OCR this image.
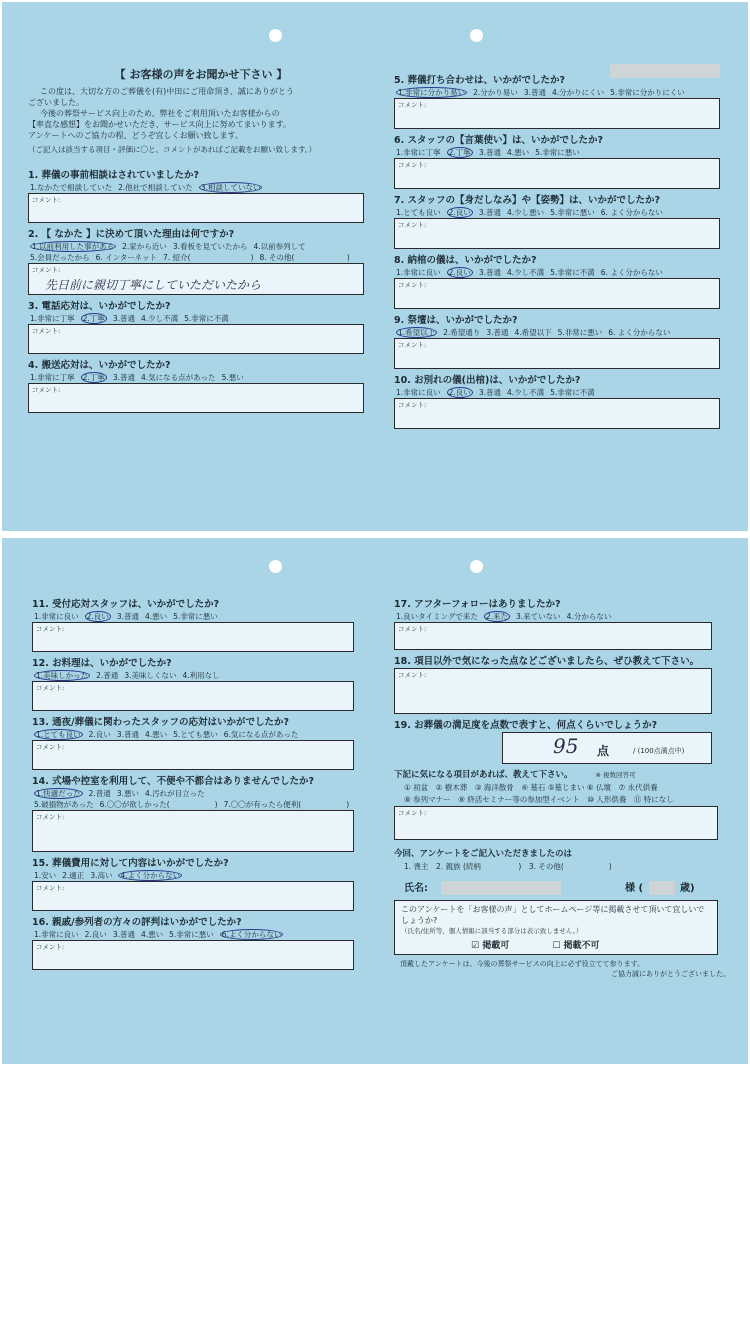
【 お客様の声をお聞かせ下さい 】
この度は、大切な方のご葬儀を(有)中田にご用命頂き、誠にありがとう
ございました。
今後の葬祭サービス向上のため、弊社をご利用頂いたお客様からの
【率直な感想】をお聞かせいただき、サービス向上に努めてまいります。
アンケートへのご協力の程、どうぞ宜しくお願い致します。
（ご記入は該当する項目・評価に〇と、コメントがあればご記載をお願い致します。）
1. 葬儀の事前相談はされていましたか?
1.なかたで相談していた 2.他社で相談していた 3.相談していない
コメント:
2. 【 なかた 】に決めて頂いた理由は何ですか?
1.以前利用した事がある 2.家から近い 3.看板を見ていたから 4.以前参列して
5.会員だったから 6. インターネット 7. 紹介(　　　　　　　　) 8. その他(　　　　　　　)
コメント:
先日前に親切丁寧にしていただいたから
3. 電話応対は、いかがでしたか?
1.非常に丁寧 2.丁寧 3.普通 4.少し不満 5.非常に不満
コメント:
4. 搬送応対は、いかがでしたか?
1.非常に丁寧 2.丁寧 3.普通 4.気になる点があった 5.悪い
コメント:
5. 葬儀打ち合わせは、いかがでしたか?
1.非常に分かり易い 2.分かり易い 3.普通 4.分かりにくい 5.非常に分かりにくい
コメント:
6. スタッフの【言葉使い】は、いかがでしたか?
1.非常に丁寧 2.丁寧 3.普通 4.悪い 5.非常に悪い
コメント:
7. スタッフの【身だしなみ】や【姿勢】は、いかがでしたか?
1.とても良い 2.良い 3.普通 4.少し悪い 5.非常に悪い 6. よく分からない
コメント:
8. 納棺の儀は、いかがでしたか?
1.非常に良い 2.良い 3.普通 4.少し不満 5.非常に不満 6. よく分からない
コメント:
9. 祭壇は、いかがでしたか?
1.希望以上 2.希望通り 3.普通 4.希望以下 5.非常に悪い 6. よく分からない
コメント:
10. お別れの儀(出棺)は、いかがでしたか?
1.非常に良い 2.良い 3.普通 4.少し不満 5.非常に不満
コメント:
11. 受付応対スタッフは、いかがでしたか?
1.非常に良い 2.良い 3.普通 4.悪い 5.非常に悪い
コメント:
12. お料理は、いかがでしたか?
1.美味しかった 2.普通 3.美味しくない 4.利用なし
コメント:
13. 通夜/葬儀に関わったスタッフの応対はいかがでしたか?
1.とても良い 2.良い 3.普通 4.悪い 5.とても悪い 6.気になる点があった
コメント:
14. 式場や控室を利用して、不便や不都合はありませんでしたか?
1.快適だった 2.普通 3.悪い 4.汚れが目立った
5.破損物があった 6.〇〇が欲しかった(　　　　　　) 7.〇〇が有ったら便利(　　　　　　)
コメント:
15. 葬儀費用に対して内容はいかがでしたか?
1.安い 2.適正 3.高い 4.よく分からない
コメント:
16. 親戚/参列者の方々の評判はいかがでしたか?
1.非常に良い 2.良い 3.普通 4.悪い 5.非常に悪い 6.よく分からない
コメント:
17. アフターフォローはありましたか?
1.良いタイミングで来た 2.来た 3.来ていない 4.分からない
コメント:
18. 項目以外で気になった点などございましたら、ぜひ教えて下さい。
コメント:
19. お葬儀の満足度を点数で表すと、何点くらいでしょうか?
95 点	/ (100点満点中)
下記に気になる項目があれば、教えて下さい。	※ 複数回答可
① 初盆　② 樹木葬　③ 海洋散骨　④ 墓石 ⑤墓じまい ⑥ 仏壇　⑦ 永代供養
⑧ 参列マナー　⑨ 終活セミナー等の参加型イベント　⑩ 人形供養　⑪ 特になし
コメント:
今回、アンケートをご記入いただきましたのは
1. 喪主　2. 親族 (続柄　　　　　)　3. その他(　　　　　　)
氏名:	様 (	歳)
このアンケートを「お客様の声」としてホームページ等に掲載させて頂いて宜しいでしょうか?
（氏名/住所等、個人情報に該当する部分は表示致しません。）
☑ 掲載可	☐ 掲載不可
頂戴したアンケートは、今後の葬祭サービスの向上に必ず役立てて参ります。
ご協力誠にありがとうございました。
